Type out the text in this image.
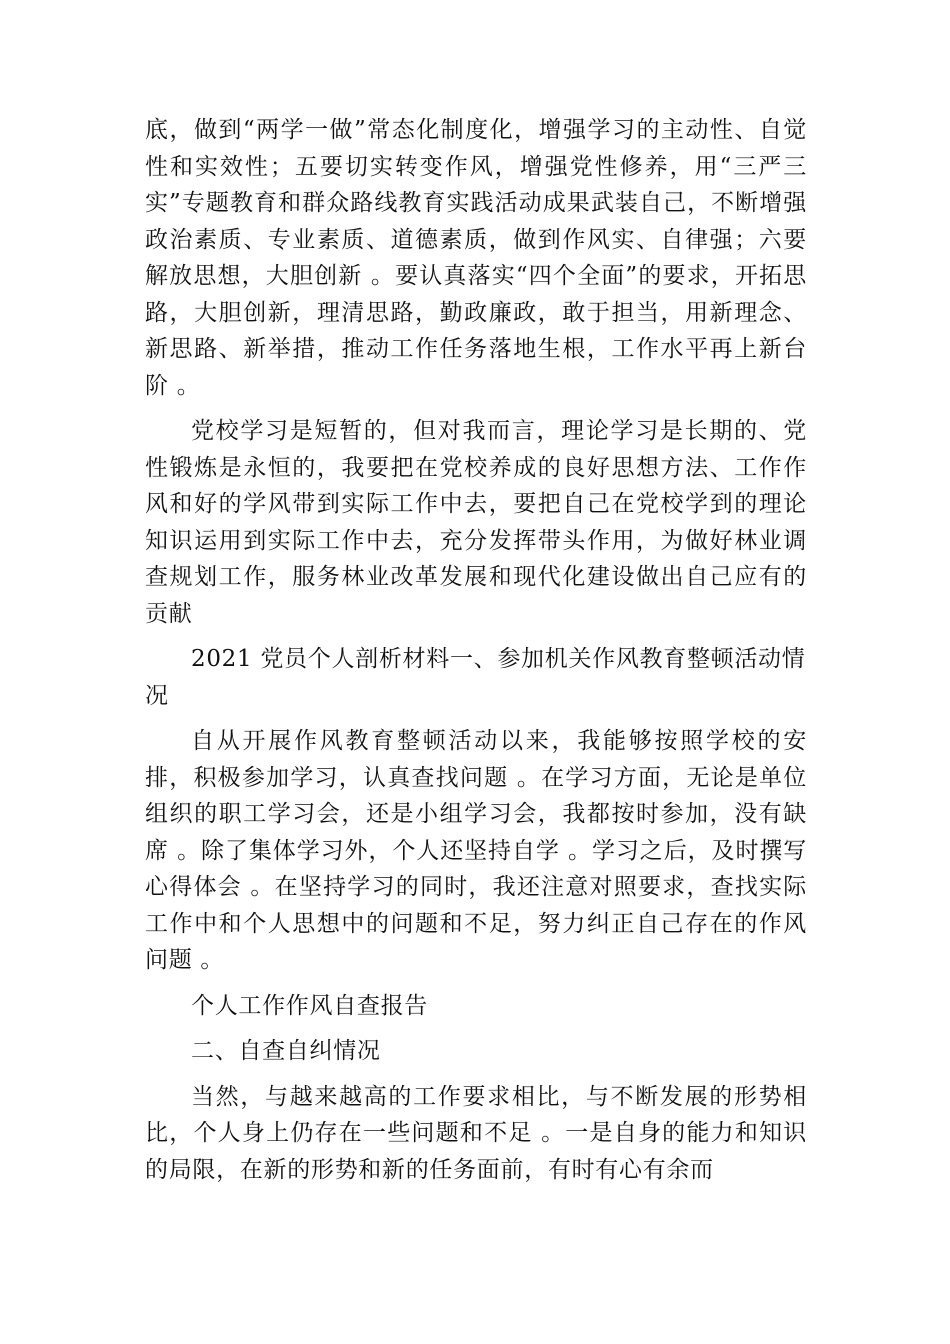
底，做到“两学一做”常态化制度化，增强学习的主动性、自觉性和实效性；五要切实转变作风，增强党性修养，用“三严三实”专题教育和群众路线教育实践活动成果武装自己，不断增强政治素质、专业素质、道德素质，做到作风实、自律强；六要解放思想，大胆创新 。要认真落实“四个全面”的要求，开拓思路，大胆创新，理清思路，勤政廉政，敢于担当，用新理念、新思路、新举措，推动工作任务落地生根，工作水平再上新台阶 。

党校学习是短暂的，但对我而言，理论学习是长期的、党性锻炼是永恒的，我要把在党校养成的良好思想方法、工作作风和好的学风带到实际工作中去，要把自己在党校学到的理论知识运用到实际工作中去，充分发挥带头作用，为做好林业调查规划工作，服务林业改革发展和现代化建设做出自己应有的贡献

2021 党员个人剖析材料一、参加机关作风教育整顿活动情况

自从开展作风教育整顿活动以来，我能够按照学校的安排，积极参加学习，认真查找问题 。在学习方面，无论是单位组织的职工学习会，还是小组学习会，我都按时参加，没有缺席 。除了集体学习外，个人还坚持自学 。学习之后，及时撰写心得体会 。在坚持学习的同时，我还注意对照要求，查找实际工作中和个人思想中的问题和不足，努力纠正自己存在的作风问题 。

个人工作作风自查报告

二、自查自纠情况

当然，与越来越高的工作要求相比，与不断发展的形势相比，个人身上仍存在一些问题和不足 。一是自身的能力和知识的局限，在新的形势和新的任务面前，有时有心有余而
